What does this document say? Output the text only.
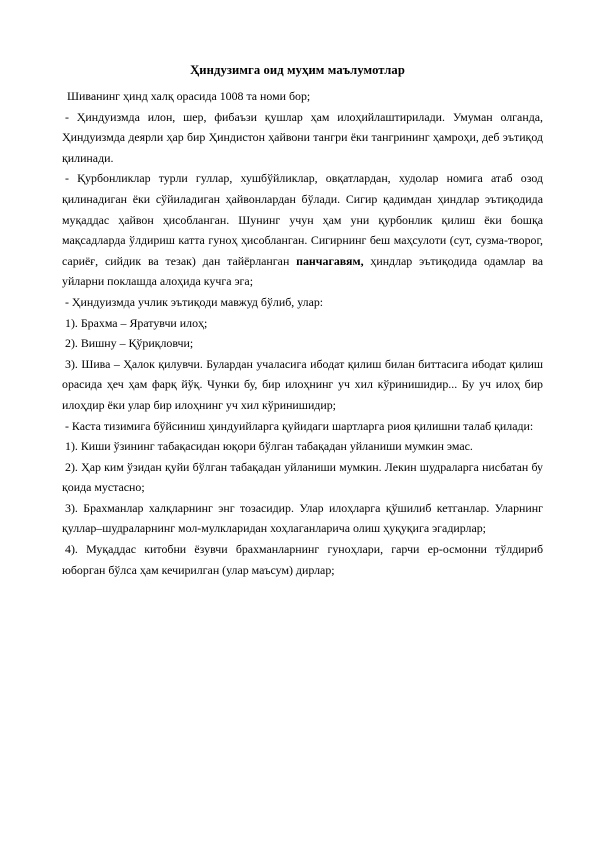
Ҳиндузимга оид муҳим маълумотлар

Шиванинг ҳинд халқ орасида 1008 та номи бор;

- Ҳиндуизмда илон, шер, фибаъзи қушлар ҳам илоҳийлаштирилади. Умуман олганда, Ҳиндуизмда деярли ҳар бир Ҳиндистон ҳайвони тангри ёки тангрининг ҳамроҳи, деб эътиқод қилинади.

- Қурбонликлар турли гуллар, хушбўйликлар, овқатлардан, худолар номига атаб озод қилинадиган ёки сўйиладиган ҳайвонлардан бўлади. Сигир қадимдан ҳиндлар эътиқодида муқаддас ҳайвон ҳисобланган. Шунинг учун ҳам уни қурбонлик қилиш ёки бошқа мақсадларда ўлдириш катта гуноҳ ҳисобланган. Сигирнинг беш маҳсулоти (сут, сузма-творог, сариёғ, сийдик ва тезак) дан тайёрланган панчагавям, ҳиндлар эътиқодида одамлар ва уйларни поклашда алоҳида кучга эга;

- Ҳиндуизмда учлик эътиқоди мавжуд бўлиб, улар:

1). Брахма – Яратувчи илоҳ;

2). Вишну – Қўриқловчи;

3). Шива – Ҳалок қилувчи. Булардан учаласига ибодат қилиш билан биттасига ибодат қилиш орасида ҳеч ҳам фарқ йўқ. Чунки бу, бир илоҳнинг уч хил кўринишидир... Бу уч илоҳ бир илоҳдир ёки улар бир илоҳнинг уч хил кўринишидир;

- Каста тизимига бўйсиниш ҳиндуийларга қуйидаги шартларга риоя қилишни талаб қилади:

1). Киши ўзининг табақасидан юқори бўлган табақадан уйланиши мумкин эмас.

2). Ҳар ким ўзидан қуйи бўлган табақадан уйланиши мумкин. Лекин шудраларга нисбатан бу қоида мустасно;

3). Брахманлар халқларнинг энг тозасидир. Улар илоҳларга қўшилиб кетганлар. Уларнинг қуллар–шудраларнинг мол-мулкларидан хоҳлаганларича олиш ҳуқуқига эгадирлар;

4). Муқаддас китобни ёзувчи брахманларнинг гуноҳлари, гарчи ер-осмонни тўлдириб юборган бўлса ҳам кечирилган (улар маъсум) дирлар;
